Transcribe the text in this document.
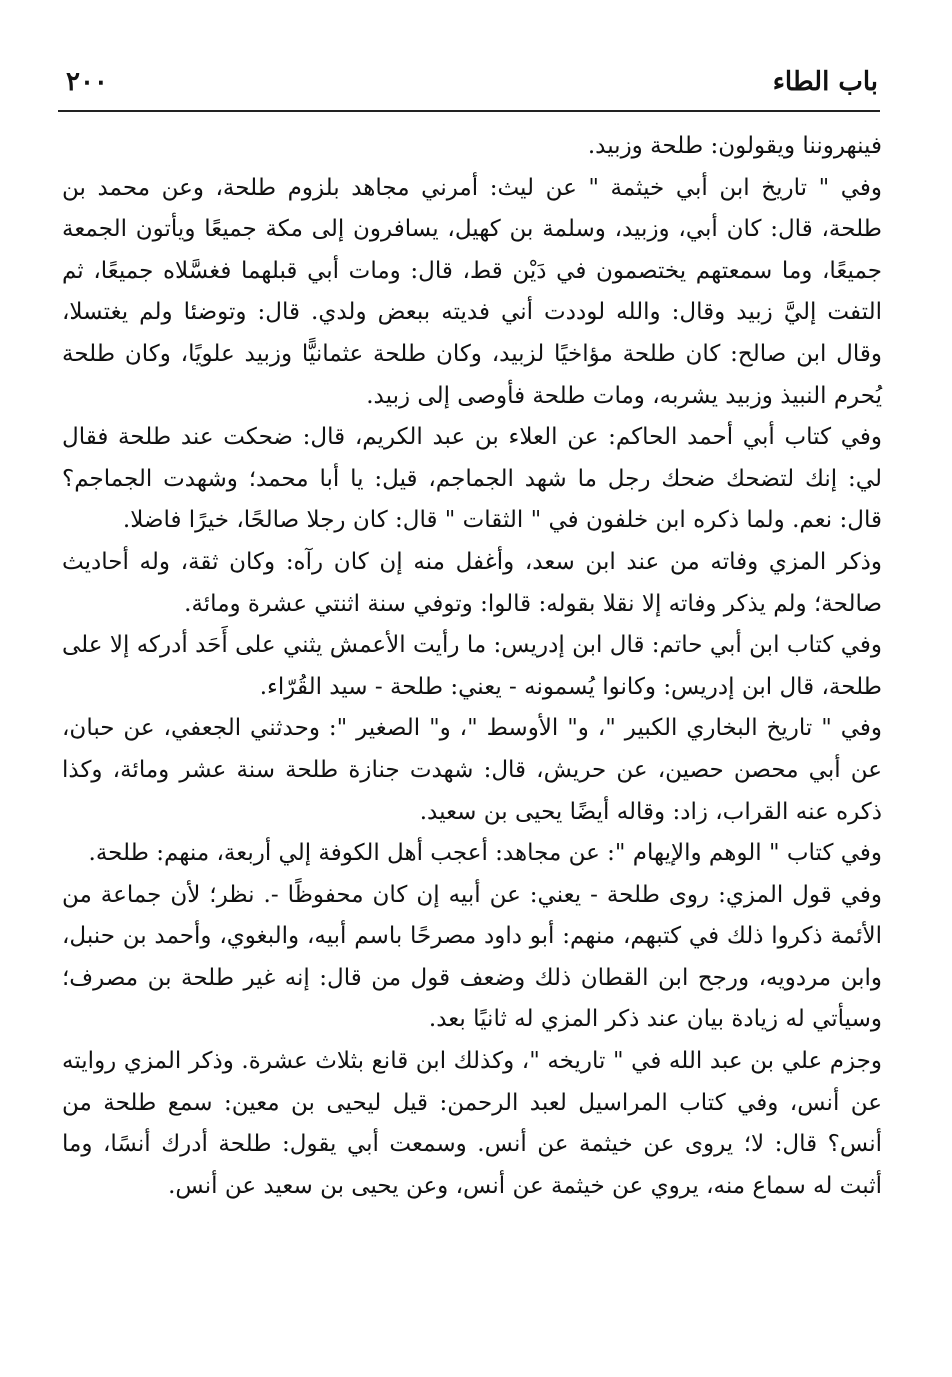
باب الطاء
٢٠٠

فينهروننا ويقولون: طلحة وزبيد.

وفي " تاريخ ابن أبي خيثمة " عن ليث: أمرني مجاهد بلزوم طلحة، وعن محمد بن طلحة، قال: كان أبي، وزبيد، وسلمة بن كهيل، يسافرون إلى مكة جميعًا ويأتون الجمعة جميعًا، وما سمعتهم يختصمون في دَيْن قط، قال: ومات أبي قبلهما فغسَّلاه جميعًا، ثم التفت إليَّ زبيد وقال: والله لوددت أني فديته ببعض ولدي. قال: وتوضئا ولم يغتسلا، وقال ابن صالح: كان طلحة مؤاخيًا لزبيد، وكان طلحة عثمانيًّا وزبيد علويًا، وكان طلحة يُحرم النبيذ وزبيد يشربه، ومات طلحة فأوصى إلى زبيد.

وفي كتاب أبي أحمد الحاكم: عن العلاء بن عبد الكريم، قال: ضحكت عند طلحة فقال لي: إنك لتضحك ضحك رجل ما شهد الجماجم، قيل: يا أبا محمد؛ وشهدت الجماجم؟ قال: نعم. ولما ذكره ابن خلفون في " الثقات " قال: كان رجلا صالحًا، خيرًا فاضلا.

وذكر المزي وفاته من عند ابن سعد، وأغفل منه إن كان رآه: وكان ثقة، وله أحاديث صالحة؛ ولم يذكر وفاته إلا نقلا بقوله: قالوا: وتوفي سنة اثنتي عشرة ومائة.

وفي كتاب ابن أبي حاتم: قال ابن إدريس: ما رأيت الأعمش يثني على أَحَد أدركه إلا على طلحة، قال ابن إدريس: وكانوا يُسمونه - يعني: طلحة - سيد القُرّاء.

وفي " تاريخ البخاري الكبير "، و" الأوسط "، و" الصغير ": وحدثني الجعفي، عن حبان، عن أبي محصن حصين، عن حريش، قال: شهدت جنازة طلحة سنة عشر ومائة، وكذا ذكره عنه القراب، زاد: وقاله أيضًا يحيى بن سعيد.

وفي كتاب " الوهم والإيهام ": عن مجاهد: أعجب أهل الكوفة إلي أربعة، منهم: طلحة.

وفي قول المزي: روى طلحة - يعني: عن أبيه إن كان محفوظًا -. نظر؛ لأن جماعة من الأئمة ذكروا ذلك في كتبهم، منهم: أبو داود مصرحًا باسم أبيه، والبغوي، وأحمد بن حنبل، وابن مردويه، ورجح ابن القطان ذلك وضعف قول من قال: إنه غير طلحة بن مصرف؛ وسيأتي له زيادة بيان عند ذكر المزي له ثانيًا بعد.

وجزم علي بن عبد الله في " تاريخه "، وكذلك ابن قانع بثلاث عشرة. وذكر المزي روايته عن أنس، وفي كتاب المراسيل لعبد الرحمن: قيل ليحيى بن معين: سمع طلحة من أنس؟ قال: لا؛ يروى عن خيثمة عن أنس. وسمعت أبي يقول: طلحة أدرك أنسًا، وما أثبت له سماع منه، يروي عن خيثمة عن أنس، وعن يحيى بن سعيد عن أنس.
